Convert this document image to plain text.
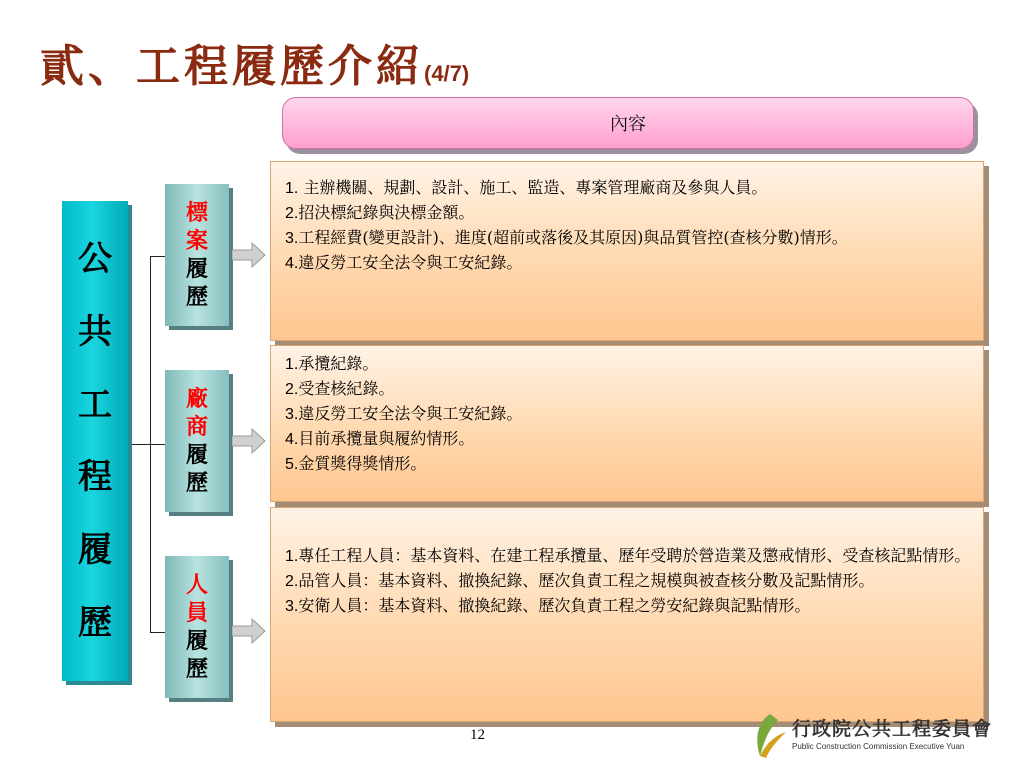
貳、工程履歷介紹(4/7)
內容
公
共
工
程
履
歷
標
案
履
歷
廠
商
履
歷
人
員
履
歷
1. 主辦機關、規劃、設計、施工、監造、專案管理廠商及參與人員。
2.招決標紀錄與決標金額。
3.工程經費(變更設計)、進度(超前或落後及其原因)與品質管控(查核分數)情形。
4.違反勞工安全法令與工安紀錄。
1.承攬紀錄。
2.受查核紀錄。
3.違反勞工安全法令與工安紀錄。
4.目前承攬量與履約情形。
5.金質獎得獎情形。
1.專任工程人員：基本資料、在建工程承攬量、歷年受聘於營造業及懲戒情形、受查核記點情形。
2.品管人員：基本資料、撤換紀錄、歷次負責工程之規模與被查核分數及記點情形。
3.安衛人員：基本資料、撤換紀錄、歷次負責工程之勞安紀錄與記點情形。
12	行政院公共工程委員會
Public Construction Commission Executive Yuan
